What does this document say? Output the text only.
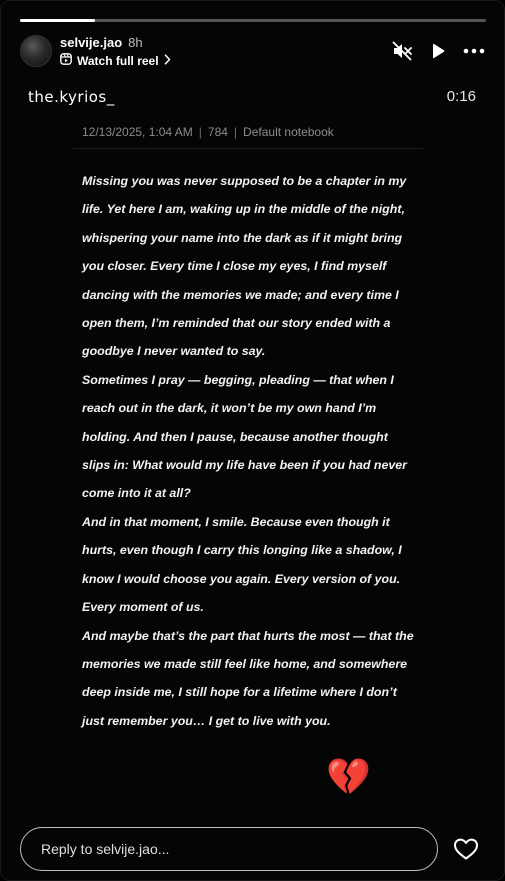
selvije.jao 8h
Watch full reel
the.kyrios_	0:16
12/13/2025, 1:04 AM | 784 | Default notebook

Missing you was never supposed to be a chapter in my life. Yet here I am, waking up in the middle of the night, whispering your name into the dark as if it might bring you closer. Every time I close my eyes, I find myself dancing with the memories we made; and every time I open them, I’m reminded that our story ended with a goodbye I never wanted to say.

Sometimes I pray — begging, pleading — that when I reach out in the dark, it won’t be my own hand I’m holding. And then I pause, because another thought slips in: What would my life have been if you had never come into it at all?

And in that moment, I smile. Because even though it hurts, even though I carry this longing like a shadow, I know I would choose you again. Every version of you. Every moment of us.

And maybe that’s the part that hurts the most — that the memories we made still feel like home, and somewhere deep inside me, I still hope for a lifetime where I don’t just remember you… I get to live with you.

💔
Reply to selvije.jao...
